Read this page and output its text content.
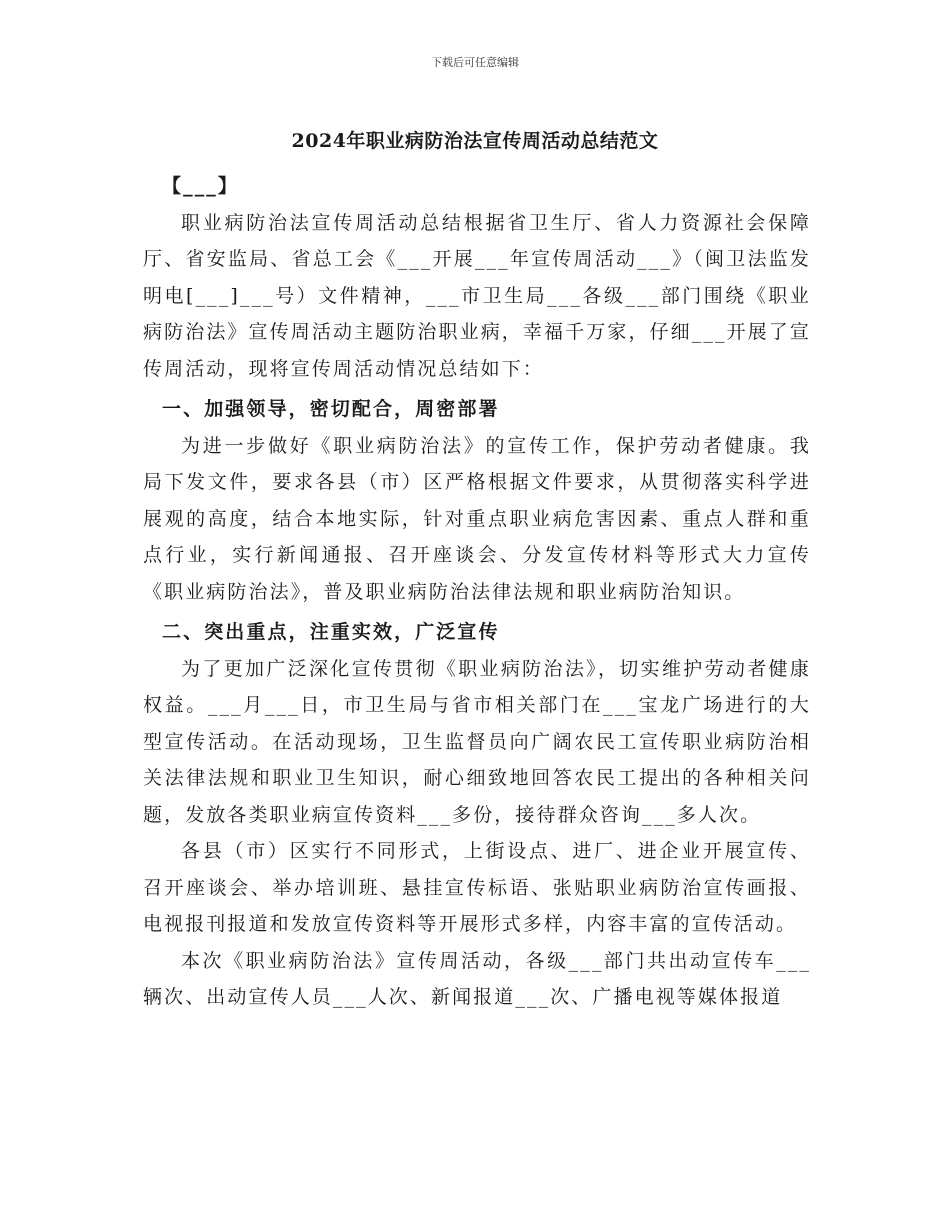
下载后可任意编辑
2024年职业病防治法宣传周活动总结范文

【___】

职业病防治法宣传周活动总结根据省卫生厅、省人力资源社会保障厅、省安监局、省总工会《___开展___年宣传周活动___》（闽卫法监发明电[___]___号）文件精神，___市卫生局___各级___部门围绕《职业病防治法》宣传周活动主题防治职业病，幸福千万家，仔细___开展了宣传周活动，现将宣传周活动情况总结如下：

一、加强领导，密切配合，周密部署

为进一步做好《职业病防治法》的宣传工作，保护劳动者健康。我局下发文件，要求各县（市）区严格根据文件要求，从贯彻落实科学进展观的高度，结合本地实际，针对重点职业病危害因素、重点人群和重点行业，实行新闻通报、召开座谈会、分发宣传材料等形式大力宣传《职业病防治法》，普及职业病防治法律法规和职业病防治知识。

二、突出重点，注重实效，广泛宣传

为了更加广泛深化宣传贯彻《职业病防治法》，切实维护劳动者健康权益。___月___日，市卫生局与省市相关部门在___宝龙广场进行的大型宣传活动。在活动现场，卫生监督员向广阔农民工宣传职业病防治相关法律法规和职业卫生知识，耐心细致地回答农民工提出的各种相关问题，发放各类职业病宣传资料___多份，接待群众咨询___多人次。

各县（市）区实行不同形式，上街设点、进厂、进企业开展宣传、召开座谈会、举办培训班、悬挂宣传标语、张贴职业病防治宣传画报、电视报刊报道和发放宣传资料等开展形式多样，内容丰富的宣传活动。

本次《职业病防治法》宣传周活动，各级___部门共出动宣传车___辆次、出动宣传人员___人次、新闻报道___次、广播电视等媒体报道
